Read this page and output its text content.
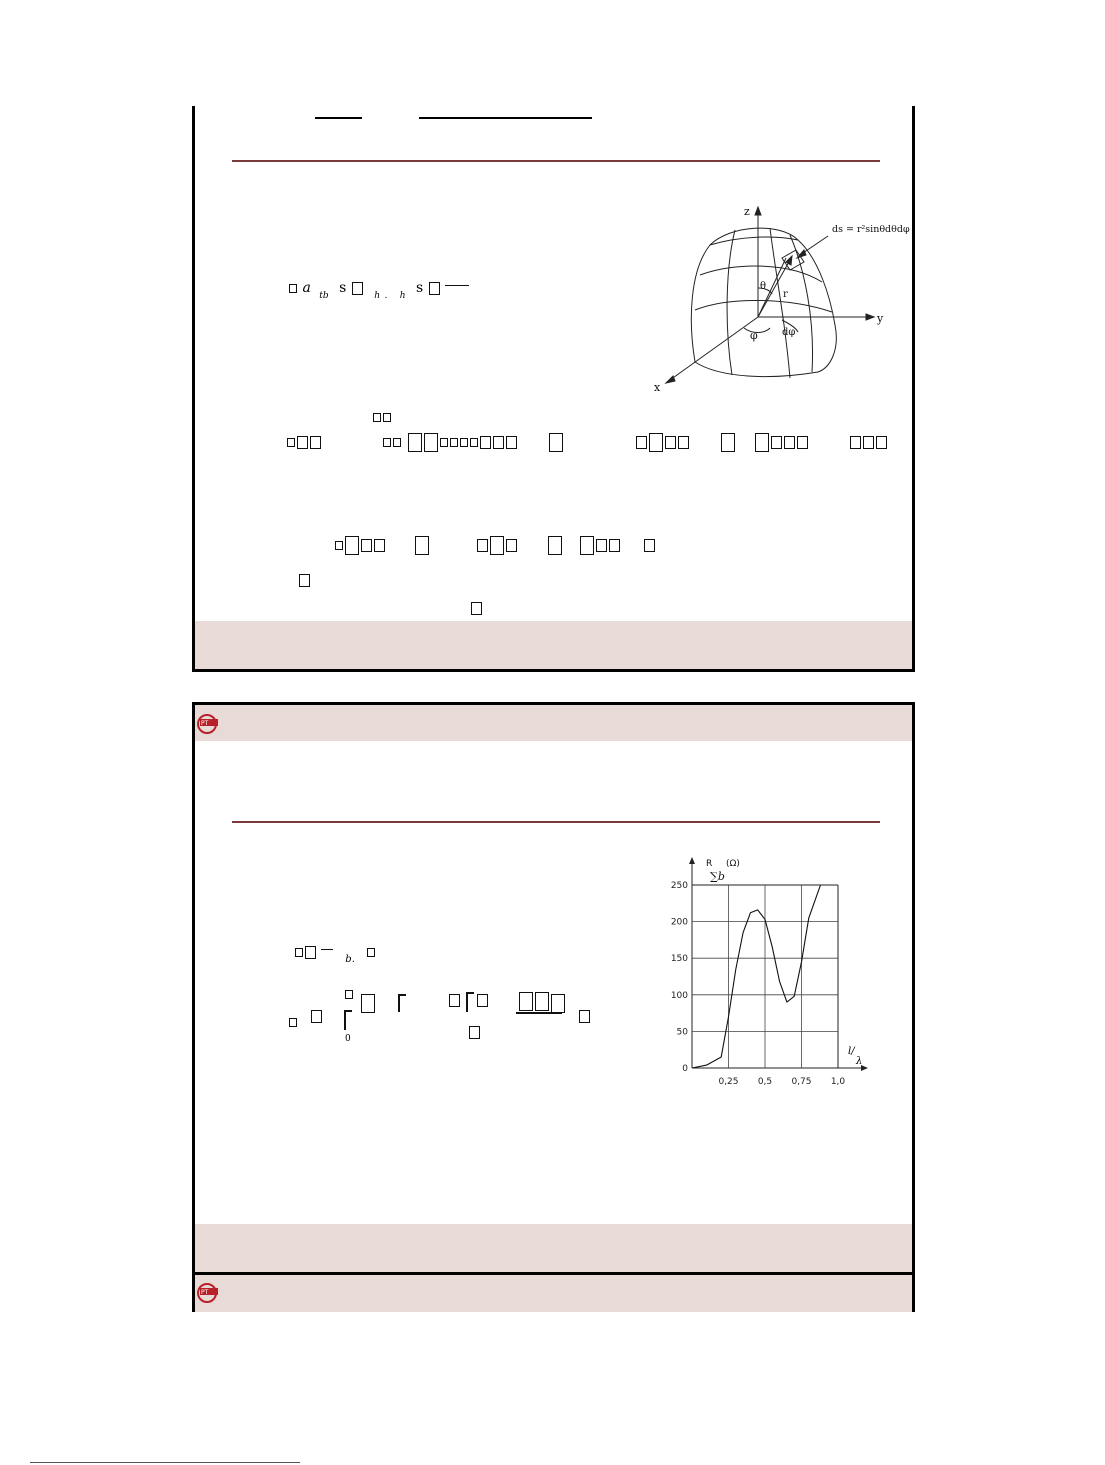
z
y
x
ds = r²sinθdθdφ
θ
r
φ dφ
a $_{tb}$ s	$_h$ $_.$ $_h$ s

PT
$_{b.}$
0
R (Ω)
∑b
250
200
150
100
50
0
0,25 0,5 0,75 1,0
l/
λ
PT
